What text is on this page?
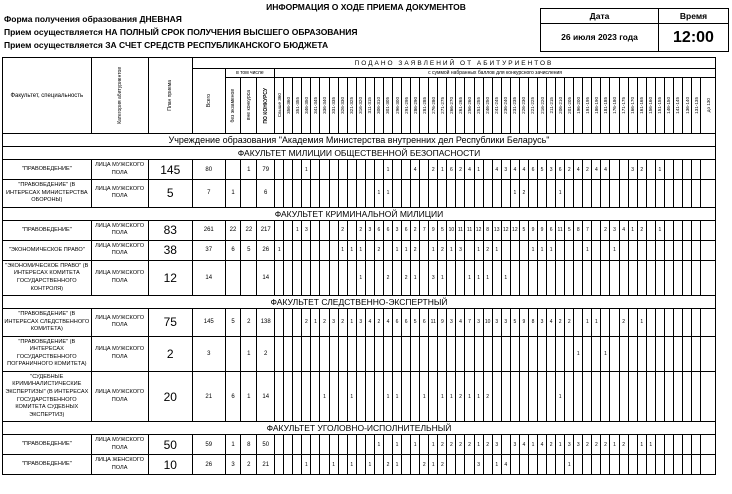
ИНФОРМАЦИЯ О ХОДЕ ПРИЕМА ДОКУМЕНТОВ
Форма получения образования ДНЕВНАЯ
Прием осуществляется НА ПОЛНЫЙ СРОК ПОЛУЧЕНИЯ ВЫСШЕГО ОБРАЗОВАНИЯ
Прием осуществляется ЗА СЧЕТ СРЕДСТВ РЕСПУБЛИКАНСКОГО БЮДЖЕТА
Дата	Время
26 июля 2023 года	12:00
Факультет, специальность	Категория абитуриентов	План приема	ПОДАНО ЗАЯВЛЕНИЙ ОТ АБИТУРИЕНТОВ																																																			

			Всего	в том числе			с суммой набранных баллов для конкурсного зачисления																																															

				без экзаменов	вне конкурса	ПО КОНКУРСУ	Свыше 360	356-360	351-355	346-350	341-345	336-340	331-335	326-330	321-325	316-320	311-315	306-310	301-305	296-300	291-295	286-290	281-285	276-280	271-275	266-270	261-265	256-260	251-255	246-250	241-245	236-240	231-235	226-230	221-225	216-220	211-215	206-210	201-205	196-200	191-195	186-190	181-185	176-180	171-175	166-170	161-165	156-160	151-155	146-150	141-145	136-140	131-135	до 130

Учреждение образования "Академия Министерства внутренних дел Республики Беларусь"																																																						
ФАКУЛЬТЕТ МИЛИЦИИ ОБЩЕСТВЕННОЙ БЕЗОПАСНОСТИ																																																						
"ПРАВОВЕДЕНИЕ"	ЛИЦА МУЖСКОГО ПОЛА	145	80		1	79				1									1			4		2	1	6	2	4	1		4	3	4	4	6	5	3	6	2	4	2	4	4			3	2		1					
"ПРАВОВЕДЕНИЕ" (В ИНТЕРЕСАХ МИНИСТЕРСТВА ОБОРОНЫ)	ЛИЦА МУЖСКОГО ПОЛА	5	7	1		6												1	1														1	2				1																
ФАКУЛЬТЕТ КРИМИНАЛЬНОЙ МИЛИЦИИ																																																						
"ПРАВОВЕДЕНИЕ"	ЛИЦА МУЖСКОГО ПОЛА	83	261	22	22	217			1	3				2		2	3	6	6	3	6	2	7	9	5	10	11	11	12	8	13	12	12	5	9	9	6	11	5	8	7		2	3	4	1	2		1					
"ЭКОНОМИЧЕСКОЕ ПРАВО"	ЛИЦА МУЖСКОГО ПОЛА	38	37	6	5	26	1							1	1	1		2		1	1	2		1	2	1	3		1	2	1				1	1	1				1			1										
"ЭКОНОМИЧЕСКОЕ ПРАВО" (В ИНТЕРЕСАХ КОМИТЕТА ГОСУДАРСТВЕННОГО КОНТРОЛЯ)	ЛИЦА МУЖСКОГО ПОЛА	12	14			14										1			2		2	1		3	1			1	1	1		1																						
ФАКУЛЬТЕТ СЛЕДСТВЕННО-ЭКСПЕРТНЫЙ																																																						
"ПРАВОВЕДЕНИЕ" (В ИНТЕРЕСАХ СЛЕДСТВЕННОГО КОМИТЕТА)	ЛИЦА МУЖСКОГО ПОЛА	75	145	5	2	138				2	1	2	3	2	1	3	4	2	4	6	6	5	6	11	9	3	4	7	3	10	3	3	5	9	8	3	4	2	2		1	1			2		1							
"ПРАВОВЕДЕНИЕ" (В ИНТЕРЕСАХ ГОСУДАРСТВЕННОГО ПОГРАНИЧНОГО КОМИТЕТА)	ЛИЦА МУЖСКОГО ПОЛА	2	3		1	2																																		1			1											
"СУДЕБНЫЕ КРИМИНАЛИСТИЧЕСКИЕ ЭКСПЕРТИЗЫ" (В ИНТЕРЕСАХ ГОСУДАРСТВЕННОГО КОМИТЕТА СУДЕБНЫХ ЭКСПЕРТИЗ)	ЛИЦА МУЖСКОГО ПОЛА	20	21	6	1	14						1			1				1	1			1		1	1	2	1	1	2								1																
ФАКУЛЬТЕТ УГОЛОВНО-ИСПОЛНИТЕЛЬНЫЙ																																																						
"ПРАВОВЕДЕНИЕ"	ЛИЦА МУЖСКОГО ПОЛА	50	59	1	8	50												1		1		1		1	2	2	2	2	1	2	3		3	4	1	4	2	1	3	3	2	2	2	1	2		1	1						
"ПРАВОВЕДЕНИЕ"	ЛИЦА ЖЕНСКОГО ПОЛА	10	26	3	2	21				1			1		1		1		2	1			2	1	2				3		1	4							1															
